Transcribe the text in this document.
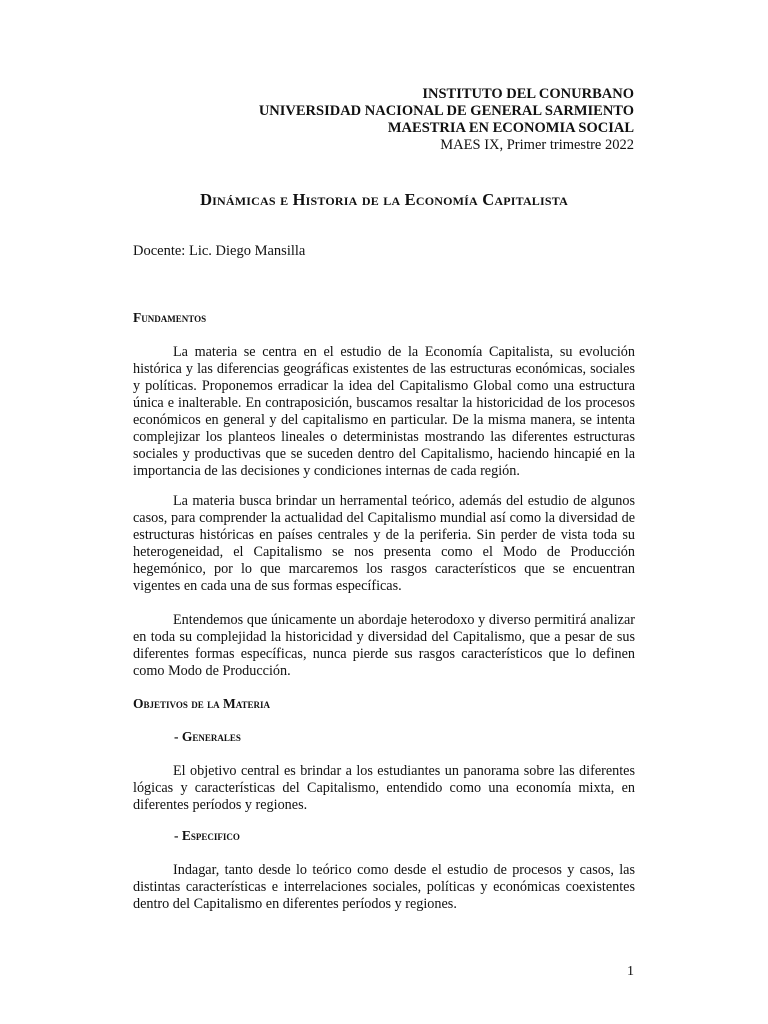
INSTITUTO DEL CONURBANO
UNIVERSIDAD NACIONAL DE GENERAL SARMIENTO
MAESTRIA EN ECONOMIA SOCIAL
MAES IX, Primer trimestre 2022
Dinámicas e Historia de la Economía Capitalista
Docente: Lic. Diego Mansilla
Fundamentos

La materia se centra en el estudio de la Economía Capitalista, su evolución histórica y las diferencias geográficas existentes de las estructuras económicas, sociales y políticas. Proponemos erradicar la idea del Capitalismo Global como una estructura única e inalterable. En contraposición, buscamos resaltar la historicidad de los procesos económicos en general y del capitalismo en particular. De la misma manera, se intenta complejizar los planteos lineales o deterministas mostrando las diferentes estructuras sociales y productivas que se suceden dentro del Capitalismo, haciendo hincapié en la importancia de las decisiones y condiciones internas de cada región.

La materia busca brindar un herramental teórico, además del estudio de algunos casos, para comprender la actualidad del Capitalismo mundial así como la diversidad de estructuras históricas en países centrales y de la periferia. Sin perder de vista toda su heterogeneidad, el Capitalismo se nos presenta como el Modo de Producción hegemónico, por lo que marcaremos los rasgos característicos que se encuentran vigentes en cada una de sus formas específicas.

Entendemos que únicamente un abordaje heterodoxo y diverso permitirá analizar en toda su complejidad la historicidad y diversidad del Capitalismo, que a pesar de sus diferentes formas específicas, nunca pierde sus rasgos característicos que lo definen como Modo de Producción.

Objetivos de la Materia
- Generales

El objetivo central es brindar a los estudiantes un panorama sobre las diferentes lógicas y características del Capitalismo, entendido como una economía mixta, en diferentes períodos y regiones.

- Especifico

Indagar, tanto desde lo teórico como desde el estudio de procesos y casos, las distintas características e interrelaciones sociales, políticas y económicas coexistentes dentro del Capitalismo en diferentes períodos y regiones.

1
